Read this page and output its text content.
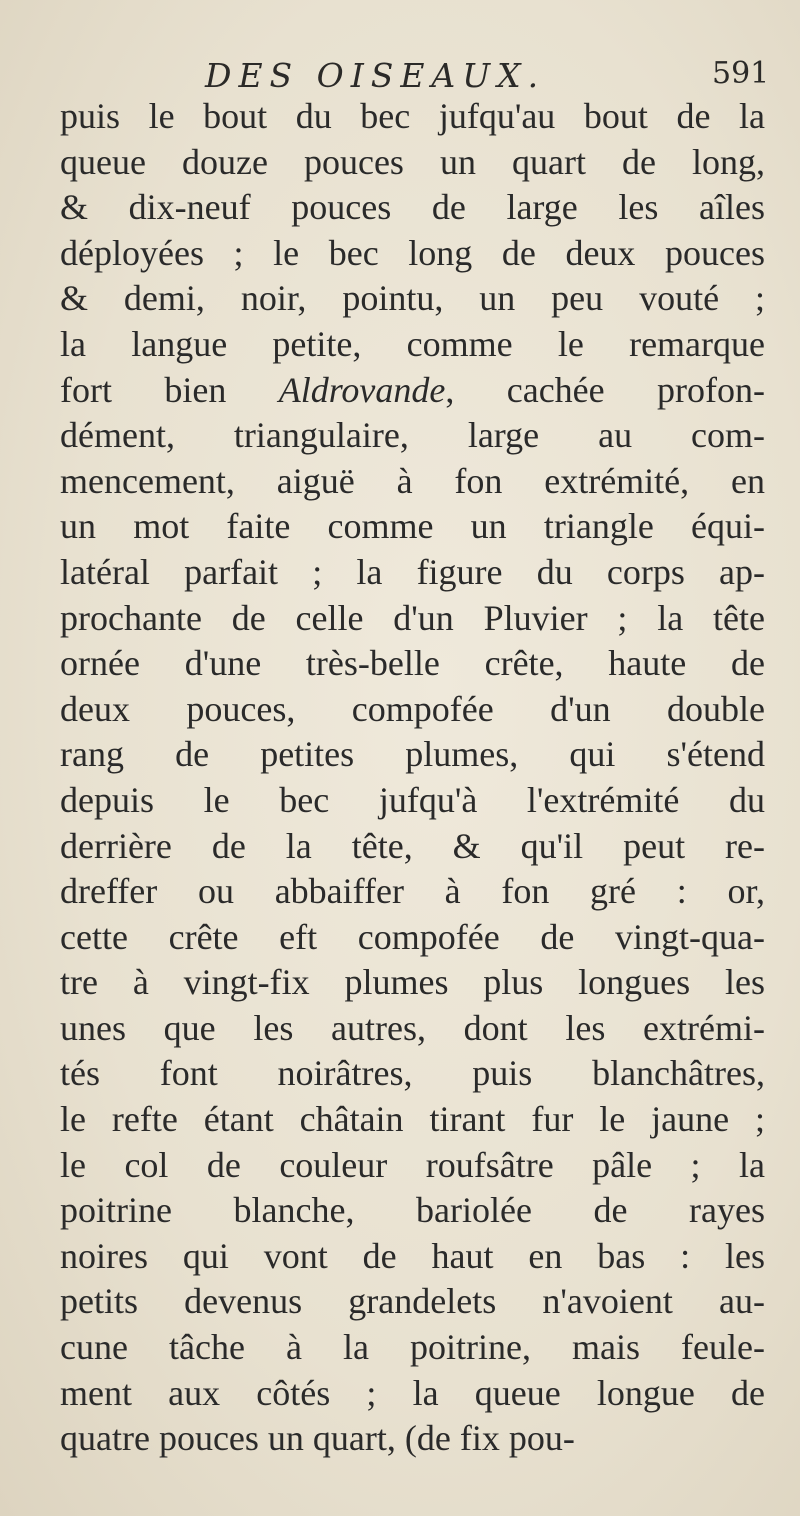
DES OISEAUX.	591
puis le bout du bec jufqu'au bout de la
queue douze pouces un quart de long,
& dix-neuf pouces de large les aîles
déployées ; le bec long de deux pouces
& demi, noir, pointu, un peu vouté ;
la langue petite, comme le remarque
fort bien Aldrovande, cachée profon-
dément, triangulaire, large au com-
mencement, aiguë à fon extrémité, en
un mot faite comme un triangle équi-
latéral parfait ; la figure du corps ap-
prochante de celle d'un Pluvier ; la tête
ornée d'une très-belle crête, haute de
deux pouces, compofée d'un double
rang de petites plumes, qui s'étend
depuis le bec jufqu'à l'extrémité du
derrière de la tête, & qu'il peut re-
dreffer ou abbaiffer à fon gré : or,
cette crête eft compofée de vingt-qua-
tre à vingt-fix plumes plus longues les
unes que les autres, dont les extrémi-
tés font noirâtres, puis blanchâtres,
le refte étant châtain tirant fur le jaune ;
le col de couleur roufsâtre pâle ; la
poitrine blanche, bariolée de rayes
noires qui vont de haut en bas : les
petits devenus grandelets n'avoient au-
cune tâche à la poitrine, mais feule-
ment aux côtés ; la queue longue de
quatre pouces un quart, (de fix pou-
